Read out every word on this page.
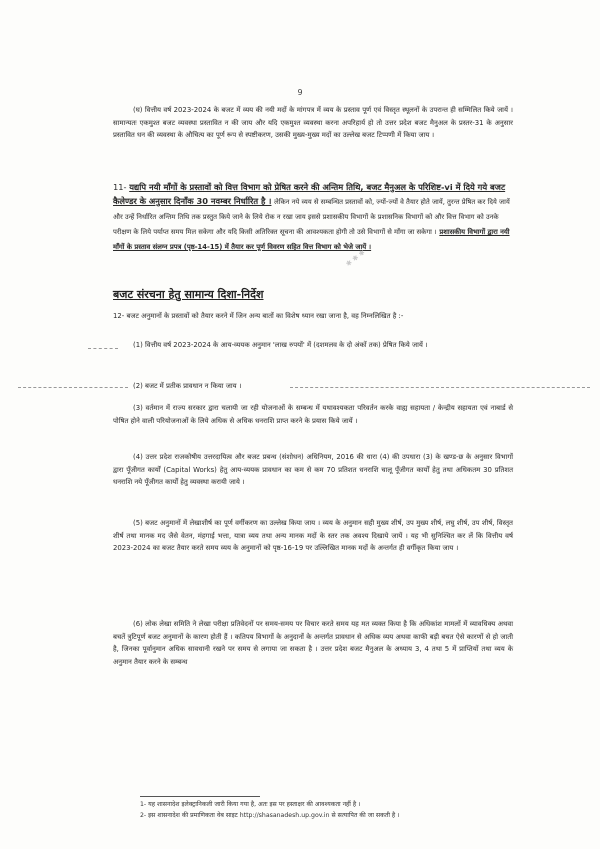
9

(घ) वित्तीय वर्ष 2023-2024 के बजट में व्यय की नयी मदों के मांगपत्र में व्यय के प्रस्ताव पूर्ण एवं विस्तृत स्थूलनों के उपरान्त ही सम्मिलित किये जायें । सामान्यतः एकमुश्त बजट व्यवस्था प्रस्तावित न की जाय और यदि एकमुश्त व्यवस्था करना अपरिहार्य हो तो उत्तर प्रदेश बजट मैनुअल के प्रस्तर-31 के अनुसार प्रस्तावित धन की व्यवस्था के औचित्य का पूर्ण रूप से स्पष्टीकरण, उसकी मुख्य-मुख्य मदों का उल्लेख बजट टिप्पणी में किया जाय ।

11- यद्यपि नयी माँगों के प्रस्तावों को वित्त विभाग को प्रेषित करने की अन्तिम तिथि, बजट मैनुअल के परिशिष्ट-vi में दिये गये बजट कैलेण्डर के अनुसार दिनाँक 30 नवम्बर निर्धारित है । लेकिन नये व्यय से सम्बन्धित प्रस्तावों को, ज्यों-ज्यों वे तैयार होते जायें, तुरन्त प्रेषित कर दिये जायें और उन्हें निर्धारित अन्तिम तिथि तक प्रस्तुत किये जाने के लिये रोक न रखा जाय इससे प्रशासकीय विभागों के प्रशासनिक विभागों को और वित्त विभाग को उनके परीक्षण के लिये पर्याप्त समय मिल सकेगा और यदि किसी अतिरिक्त सूचना की आवश्यकता होगी तो उसे विभागों से माँगा जा सकेगा । प्रशासकीय विभागों द्वारा नयी माँगों के प्रस्ताव संलग्न प्रपत्र (पृष्ठ-14-15) में तैयार कर पूर्ण विवरण सहित वित्त विभाग को भेजे जायें ।
✱ ✱ ✱
बजट संरचना हेतु सामान्य दिशा-निर्देश

12- बजट अनुमानों के प्रस्तावों को तैयार करने में जिन अन्य बातों का विशेष ध्यान रखा जाना है, वह निम्नलिखित है :-

(1) वित्तीय वर्ष 2023-2024 के आय-व्ययक अनुमान 'लाख रुपयों' में (दशमलव के दो अंकों तक) प्रेषित किये जायें ।

(2) बजट में प्रतीक प्रावधान न किया जाय ।

(3) वर्तमान में राज्य सरकार द्वारा चलायी जा रही योजनाओं के सम्बन्ध में यथावश्यकता परिवर्तन करके वाह्य सहायता / केन्द्रीय सहायता एवं नाबार्ड से पोषित होने वाली परियोजनाओं के लिये अधिक से अधिक धनराशि प्राप्त करने के प्रयास किये जायें ।

(4) उत्तर प्रदेश राजकोषीय उत्तरदायित्व और बजट प्रबन्ध (संशोधन) अधिनियम, 2016 की धारा (4) की उपधारा (3) के खण्ड-छ के अनुसार विभागों द्वारा पूँजीगत कार्यों (Capital Works) हेतु आय-व्ययक प्रावधान का कम से कम 70 प्रतिशत धनराशि चालू पूँजीगत कार्यों हेतु तथा अधिकतम 30 प्रतिशत धनराशि नये पूँजीगत कार्यों हेतु व्यवस्था करायी जाये ।

(5) बजट अनुमानों में लेखाशीर्ष का पूर्ण वर्गीकरण का उल्लेख किया जाय । व्यय के अनुमान सही मुख्य शीर्ष, उप मुख्य शीर्ष, लघु शीर्ष, उप शीर्ष, विस्तृत शीर्ष तथा मानक मद जैसे वेतन, मंहगाई भत्ता, यात्रा व्यय तथा अन्य मानक मदों के स्तर तक अवश्य दिखाये जायें । यह भी सुनिश्चित कर लें कि वित्तीय वर्ष 2023-2024 का बजट तैयार करते समय व्यय के अनुमानों को पृष्ठ-16-19 पर उल्लिखित मानक मदों के अन्तर्गत ही वर्गीकृत किया जाय ।

(6) लोक लेखा समिति ने लेखा परीक्षा प्रतिवेदनों पर समय-समय पर विचार करते समय यह मत व्यक्त किया है कि अधिकांश मामलों में व्यावधिक्य अथवा बचतें त्रुटिपूर्ण बजट अनुमानों के कारण होती हैं । कतिपय विभागों के अनुदानों के अन्तर्गत प्रावधान से अधिक व्यय अथवा काफी बड़ी बचत ऐसे कारणों से हो जाती है, जिनका पूर्वानुमान अधिक सावधानी रखने पर समय से लगाया जा सकता है । उत्तर प्रदेश बजट मैनुअल के अध्याय 3, 4 तथा 5 में प्राप्तियों तथा व्यय के अनुमान तैयार करने के सम्बन्ध

1- यह शासनादेश इलेक्ट्रानिकली जारी किया गया है, अतः इस पर हस्ताक्षर की आवश्यकता नहीं है ।

2- इस शासनादेश की प्रमाणिकता वेब साइट http://shasanadesh.up.gov.in से सत्यापित की जा सकती है ।
